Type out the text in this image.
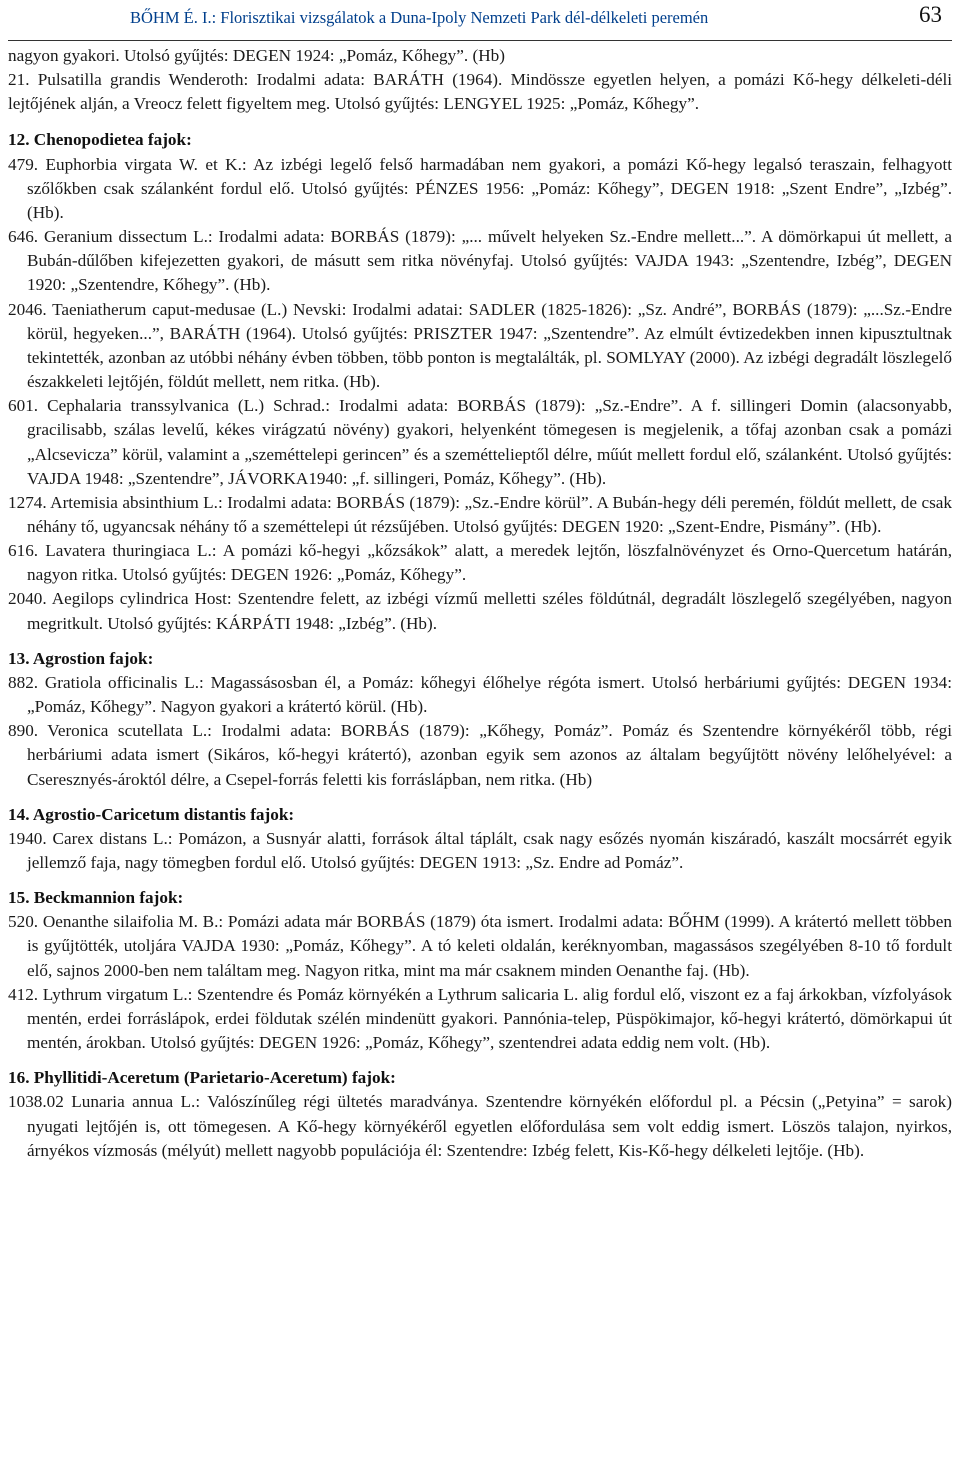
BŐHM É. I.: Florisztikai vizsgálatok a Duna-Ipoly Nemzeti Park dél-délkeleti peremén	63

nagyon gyakori. Utolsó gyűjtés: DEGEN 1924: „Pomáz, Kőhegy”. (Hb)

21. Pulsatilla grandis Wenderoth: Irodalmi adata: BARÁTH (1964). Mindössze egyetlen helyen, a pomázi Kő-hegy délkeleti-déli lejtőjének alján, a Vreocz felett figyeltem meg. Utolsó gyűjtés: LENGYEL 1925: „Pomáz, Kőhegy”.

12. Chenopodietea fajok:

479. Euphorbia virgata W. et K.: Az izbégi legelő felső harmadában nem gyakori, a pomázi Kő-hegy legalsó teraszain, felhagyott szőlőkben csak szálanként fordul elő. Utolsó gyűjtés: PÉNZES 1956: „Pomáz: Kőhegy”, DEGEN 1918: „Szent Endre”, „Izbég”. (Hb).

646. Geranium dissectum L.: Irodalmi adata: BORBÁS (1879): „... művelt helyeken Sz.-Endre mellett...”. A dömörkapui út mellett, a Bubán-dűlőben kifejezetten gyakori, de másutt sem ritka növényfaj. Utolsó gyűjtés: VAJDA 1943: „Szentendre, Izbég”, DEGEN 1920: „Szentendre, Kőhegy”. (Hb).

2046. Taeniatherum caput-medusae (L.) Nevski: Irodalmi adatai: SADLER (1825-1826): „Sz. André”, BORBÁS (1879): „...Sz.-Endre körül, hegyeken...”, BARÁTH (1964). Utolsó gyűjtés: PRISZTER 1947: „Szentendre”. Az elmúlt évtizedekben innen kipusztultnak tekintették, azonban az utóbbi néhány évben többen, több ponton is megtalálták, pl. SOMLYAY (2000). Az izbégi degradált löszlegelő északkeleti lejtőjén, földút mellett, nem ritka. (Hb).

601. Cephalaria transsylvanica (L.) Schrad.: Irodalmi adata: BORBÁS (1879): „Sz.-Endre”. A f. sillingeri Domin (alacsonyabb, gracilisabb, szálas levelű, kékes virágzatú növény) gyakori, helyenként tömegesen is megjelenik, a tőfaj azonban csak a pomázi „Alcsevicza” körül, valamint a „szeméttelepi gerincen” és a szeméttelieptől délre, műút mellett fordul elő, szálanként. Utolsó gyűjtés: VAJDA 1948: „Szentendre”, JÁVORKA1940: „f. sillingeri, Pomáz, Kőhegy”. (Hb).

1274. Artemisia absinthium L.: Irodalmi adata: BORBÁS (1879): „Sz.-Endre körül”. A Bubán-hegy déli peremén, földút mellett, de csak néhány tő, ugyancsak néhány tő a szeméttelepi út rézsűjében. Utolsó gyűjtés: DEGEN 1920: „Szent-Endre, Pismány”. (Hb).

616. Lavatera thuringiaca L.: A pomázi kő-hegyi „kőzsákok” alatt, a meredek lejtőn, löszfalnövényzet és Orno-Quercetum határán, nagyon ritka. Utolsó gyűjtés: DEGEN 1926: „Pomáz, Kőhegy”.

2040. Aegilops cylindrica Host: Szentendre felett, az izbégi vízmű melletti széles földútnál, degradált löszlegelő szegélyében, nagyon megritkult. Utolsó gyűjtés: KÁRPÁTI 1948: „Izbég”. (Hb).

13. Agrostion fajok:

882. Gratiola officinalis L.: Magassásosban él, a Pomáz: kőhegyi élőhelye régóta ismert. Utolsó herbáriumi gyűjtés: DEGEN 1934: „Pomáz, Kőhegy”. Nagyon gyakori a krátertó körül. (Hb).

890. Veronica scutellata L.: Irodalmi adata: BORBÁS (1879): „Kőhegy, Pomáz”. Pomáz és Szentendre környékéről több, régi herbáriumi adata ismert (Sikáros, kő-hegyi krátertó), azonban egyik sem azonos az általam begyűjtött növény lelőhelyével: a Cseresznyés-ároktól délre, a Csepel-forrás feletti kis forráslápban, nem ritka. (Hb)

14. Agrostio-Caricetum distantis fajok:

1940. Carex distans L.: Pomázon, a Susnyár alatti, források által táplált, csak nagy esőzés nyomán kiszáradó, kaszált mocsárrét egyik jellemző faja, nagy tömegben fordul elő. Utolsó gyűjtés: DEGEN 1913: „Sz. Endre ad Pomáz”.

15. Beckmannion fajok:

520. Oenanthe silaifolia M. B.: Pomázi adata már BORBÁS (1879) óta ismert. Irodalmi adata: BŐHM (1999). A krátertó mellett többen is gyűjtötték, utoljára VAJDA 1930: „Pomáz, Kőhegy”. A tó keleti oldalán, keréknyomban, magassásos szegélyében 8-10 tő fordult elő, sajnos 2000-ben nem találtam meg. Nagyon ritka, mint ma már csaknem minden Oenanthe faj. (Hb).

412. Lythrum virgatum L.: Szentendre és Pomáz környékén a Lythrum salicaria L. alig fordul elő, viszont ez a faj árkokban, vízfolyások mentén, erdei forráslápok, erdei földutak szélén mindenütt gyakori. Pannónia-telep, Püspökimajor, kő-hegyi krátertó, dömörkapui út mentén, árokban. Utolsó gyűjtés: DEGEN 1926: „Pomáz, Kőhegy”, szentendrei adata eddig nem volt. (Hb).

16. Phyllitidi-Aceretum (Parietario-Aceretum) fajok:

1038.02 Lunaria annua L.: Valószínűleg régi ültetés maradványa. Szentendre környékén előfordul pl. a Pécsin („Petyina” = sarok) nyugati lejtőjén is, ott tömegesen. A Kő-hegy környékéről egyetlen előfordulása sem volt eddig ismert. Löszös talajon, nyirkos, árnyékos vízmosás (mélyút) mellett nagyobb populációja él: Szentendre: Izbég felett, Kis-Kő-hegy délkeleti lejtője. (Hb).
